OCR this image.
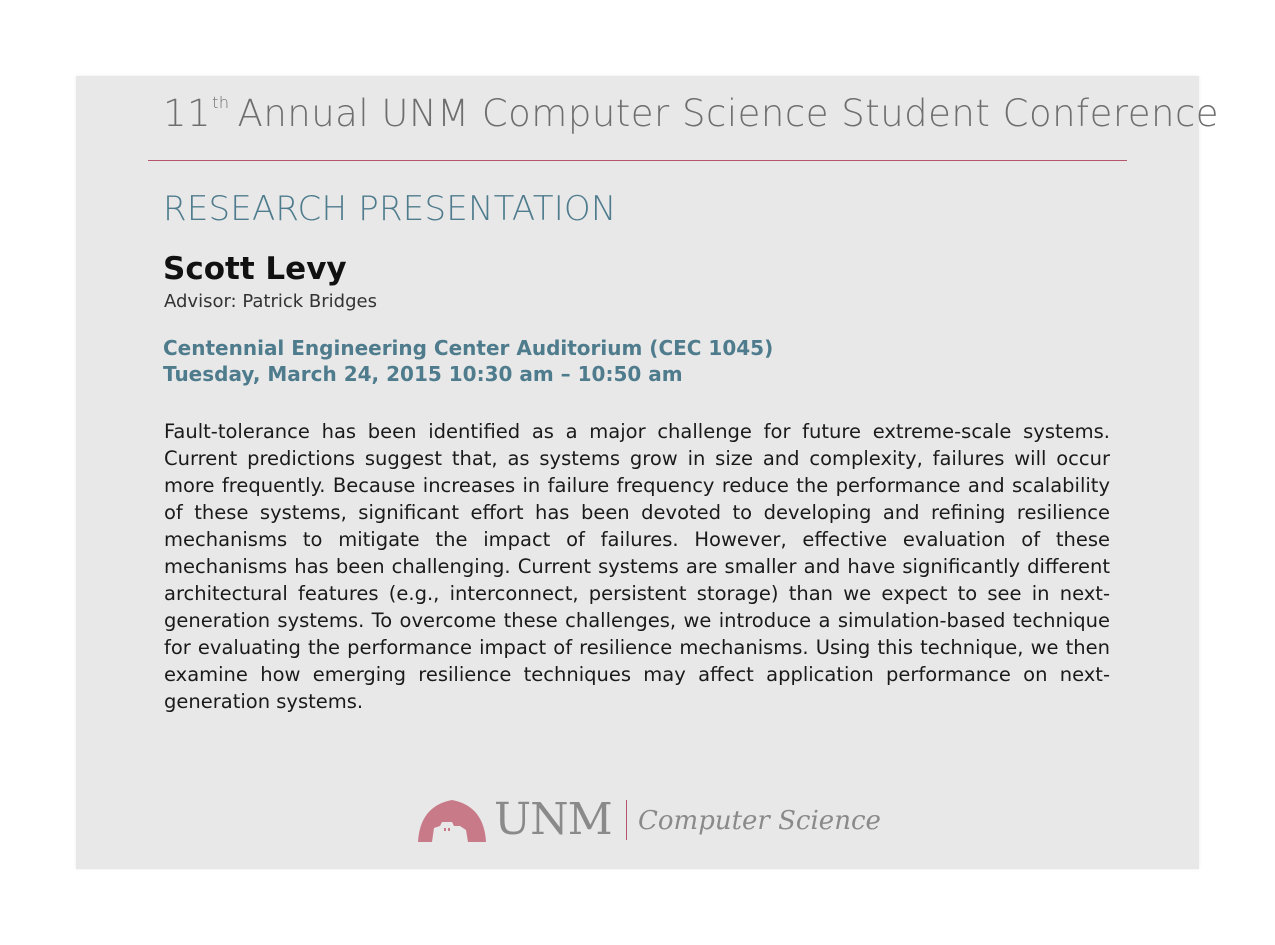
11th Annual UNM Computer Science Student Conference
RESEARCH PRESENTATION
Scott Levy
Advisor: Patrick Bridges
Centennial Engineering Center Auditorium (CEC 1045)
Tuesday, March 24, 2015 10:30 am – 10:50 am

Fault-tolerance has been identified as a major challenge for future extreme-scale systems. Current predictions suggest that, as systems grow in size and complexity, failures will occur more frequently. Because increases in failure frequency reduce the performance and scalability of these systems, significant effort has been devoted to developing and refining resilience mechanisms to mitigate the impact of failures. However, effective evaluation of these mechanisms has been challenging. Current systems are smaller and have significantly different architectural features (e.g., interconnect, persistent storage) than we expect to see in next-generation systems. To overcome these challenges, we introduce a simulation-based technique for evaluating the performance impact of resilience mechanisms. Using this technique, we then examine how emerging resilience techniques may affect application performance on next-generation systems.

UNM Computer Science
